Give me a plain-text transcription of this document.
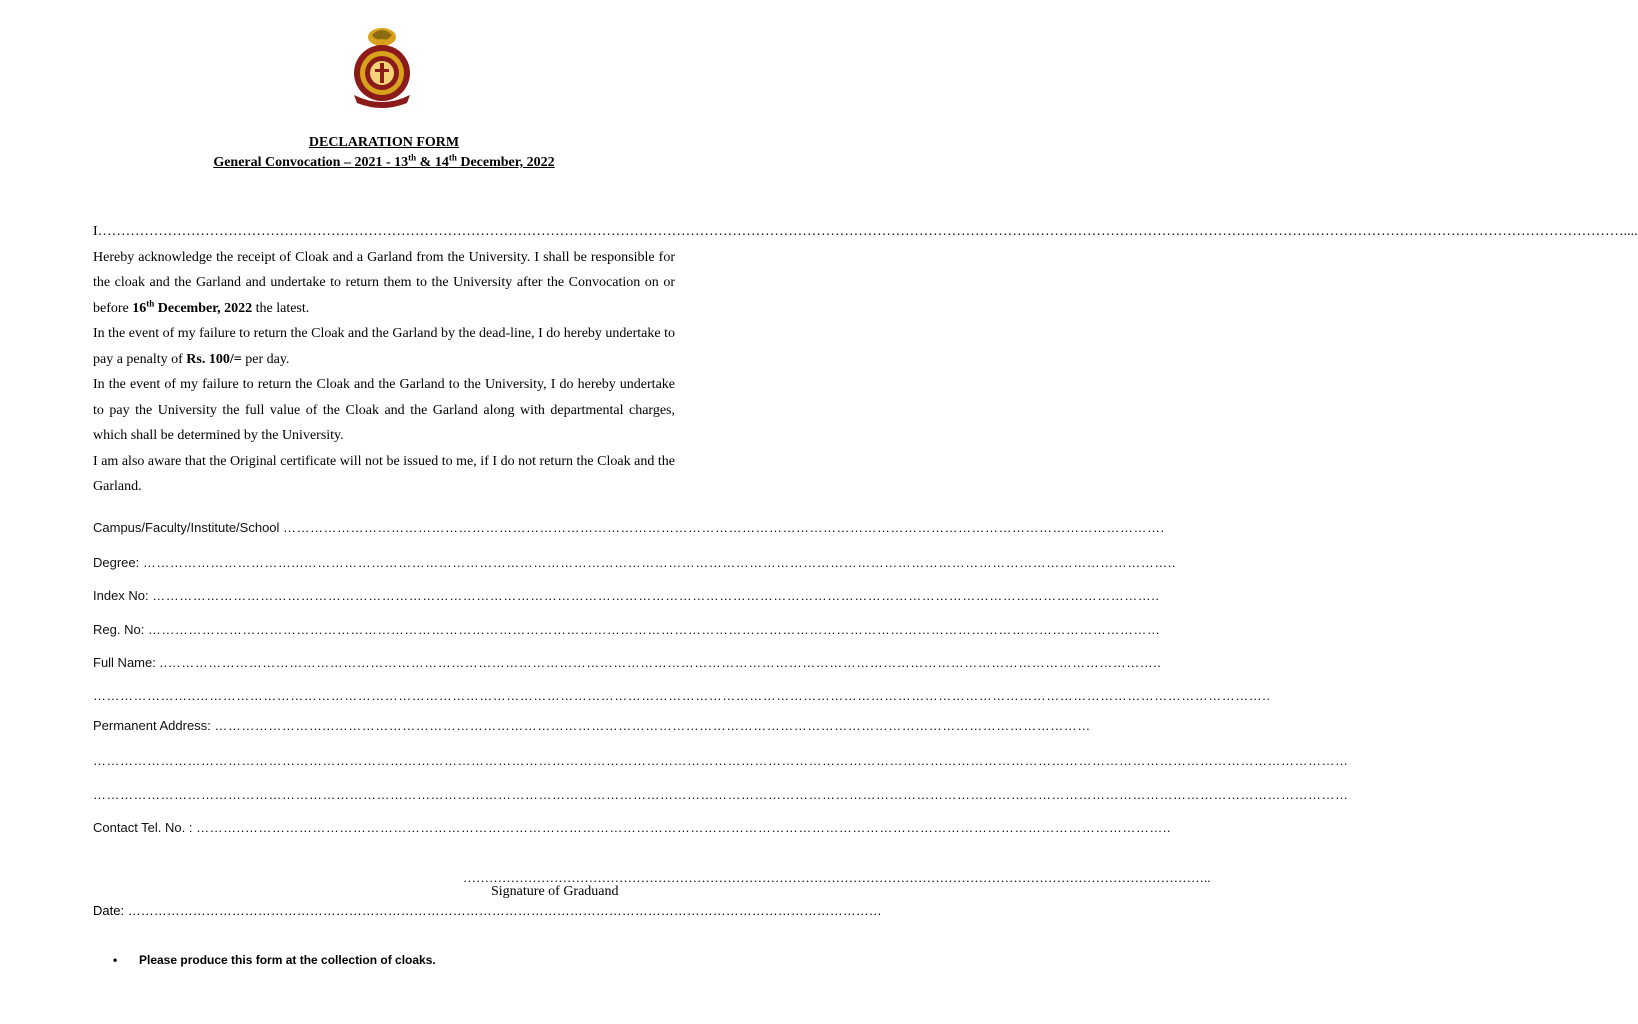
DECLARATION FORM
General Convocation – 2021 - 13th & 14th December, 2022
I…………………………………………………………………………………………………………………………………………………………………………………………………………………………………………………………………………………………………....

Hereby acknowledge the receipt of Cloak and a Garland from the University. I shall be responsible for the cloak and the Garland and undertake to return them to the University after the Convocation on or before 16th December, 2022 the latest.

In the event of my failure to return the Cloak and the Garland by the dead-line, I do hereby undertake to pay a penalty of Rs. 100/= per day.

In the event of my failure to return the Cloak and the Garland to the University, I do hereby undertake to pay the University the full value of the Cloak and the Garland along with departmental charges, which shall be determined by the University.

I am also aware that the Original certificate will not be issued to me, if I do not return the Cloak and the Garland.

Campus/Faculty/Institute/School …………………………………………………………………………………………………………………………………………………………………………….
Degree: ……………………………...…………………………………………………………………………………………………………………………………………………………………………..
Index No: ……………………………………………………………………………………………………………………………………………………………………………………………………..
Reg. No: ………………………………………………………………………………………………………………………………………………………………………………………………………
Full Name: ..…………………………………………………………………………………………………………………………………………………………………………………………………..
…………………..…………………………………………………………………………………………………………………………………………………………………………………………………………………..
Permanent Address: ……………………...……………………………………………………………………………………………………………………………………………………
………………………………………………………………………………………………………………………………………………………………………………………………………………………………………………………
………………………………………………………………………………………………………………………………………………………………………………………………………………………………………………………
Contact Tel. No. : ………..……………………………………………………………………………………………………………………………………………………………………………………..
………………………………………………………………………………………………………………………………………………………..
Signature of Graduand
Date: …………………………………………………………………………………………………………………………………………………………
• Please produce this form at the collection of cloaks.
